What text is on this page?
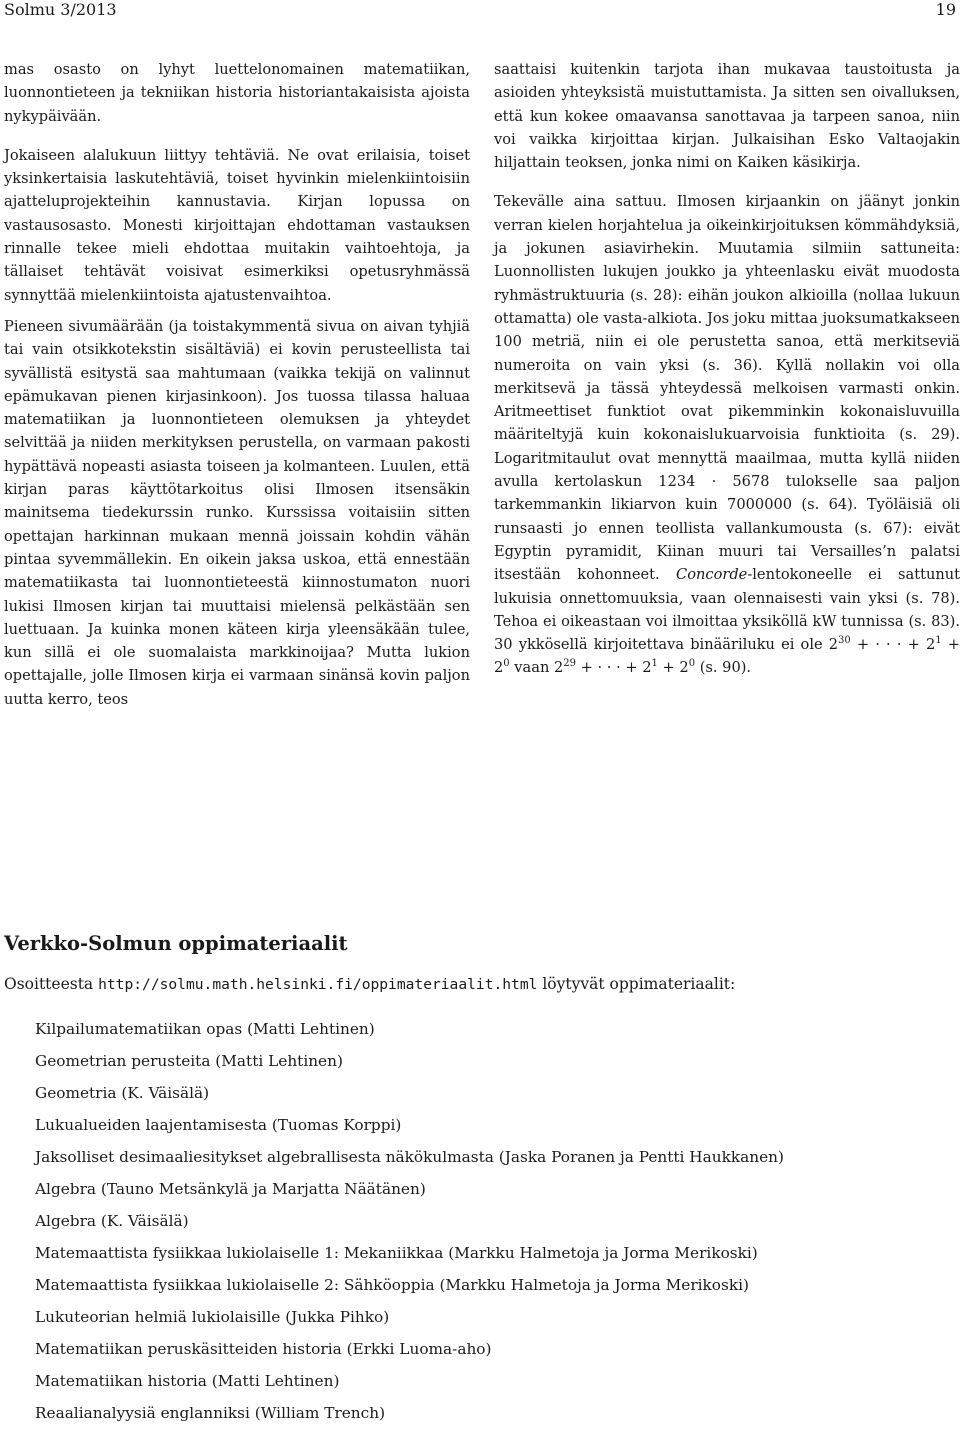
Solmu 3/2013	19

mas osasto on lyhyt luettelonomainen matematiikan, luonnontieteen ja tekniikan historia historiantakaisista ajoista nykypäivään.

Jokaiseen alalukuun liittyy tehtäviä. Ne ovat erilaisia, toiset yksinkertaisia laskutehtäviä, toiset hyvinkin mielenkiintoisiin ajatteluprojekteihin kannustavia. Kirjan lopussa on vastausosasto. Monesti kirjoittajan ehdottaman vastauksen rinnalle tekee mieli ehdottaa muitakin vaihtoehtoja, ja tällaiset tehtävät voisivat esimerkiksi opetusryhmässä synnyttää mielenkiintoista ajatustenvaihtoa.

Pieneen sivumäärään (ja toistakymmentä sivua on aivan tyhjiä tai vain otsikkotekstin sisältäviä) ei kovin perusteellista tai syvällistä esitystä saa mahtumaan (vaikka tekijä on valinnut epämukavan pienen kirjasinkoon). Jos tuossa tilassa haluaa matematiikan ja luonnontieteen olemuksen ja yhteydet selvittää ja niiden merkityksen perustella, on varmaan pakosti hypättävä nopeasti asiasta toiseen ja kolmanteen. Luulen, että kirjan paras käyttötarkoitus olisi Ilmosen itsensäkin mainitsema tiedekurssin runko. Kurssissa voitaisiin sitten opettajan harkinnan mukaan mennä joissain kohdin vähän pintaa syvemmällekin. En oikein jaksa uskoa, että ennestään matematiikasta tai luonnontieteestä kiinnostumaton nuori lukisi Ilmosen kirjan tai muuttaisi mielensä pelkästään sen luettuaan. Ja kuinka monen käteen kirja yleensäkään tulee, kun sillä ei ole suomalaista markkinoijaa? Mutta lukion opettajalle, jolle Ilmosen kirja ei varmaan sinänsä kovin paljon uutta kerro, teos

saattaisi kuitenkin tarjota ihan mukavaa taustoitusta ja asioiden yhteyksistä muistuttamista. Ja sitten sen oivalluksen, että kun kokee omaavansa sanottavaa ja tarpeen sanoa, niin voi vaikka kirjoittaa kirjan. Julkaisihan Esko Valtaojakin hiljattain teoksen, jonka nimi on Kaiken käsikirja.

Tekevälle aina sattuu. Ilmosen kirjaankin on jäänyt jonkin verran kielen horjahtelua ja oikeinkirjoituksen kömmähdyksiä, ja jokunen asiavirhekin. Muutamia silmiin sattuneita: Luonnollisten lukujen joukko ja yhteenlasku eivät muodosta ryhmästruktuuria (s. 28): eihän joukon alkioilla (nollaa lukuun ottamatta) ole vasta-alkiota. Jos joku mittaa juoksumatkakseen 100 metriä, niin ei ole perustetta sanoa, että merkitseviä numeroita on vain yksi (s. 36). Kyllä nollakin voi olla merkitsevä ja tässä yhteydessä melkoisen varmasti onkin. Aritmeettiset funktiot ovat pikemminkin kokonaisluvuilla määriteltyjä kuin kokonaislukuarvoisia funktioita (s. 29). Logaritmitaulut ovat mennyttä maailmaa, mutta kyllä niiden avulla kertolaskun 1234 · 5678 tulokselle saa paljon tarkemmankin likiarvon kuin 7000000 (s. 64). Työläisiä oli runsaasti jo ennen teollista vallankumousta (s. 67): eivät Egyptin pyramidit, Kiinan muuri tai Versailles’n palatsi itsestään kohonneet. Concorde-lentokoneelle ei sattunut lukuisia onnettomuuksia, vaan olennaisesti vain yksi (s. 78). Tehoa ei oikeastaan voi ilmoittaa yksiköllä kW tunnissa (s. 83). 30 ykkösellä kirjoitettava binääriluku ei ole $2^{30}$ + · · · + $2^1 + 2^0$ vaan $2^{29}$ + · · · + $2^1 + 2^0$ (s. 90).

Verkko-Solmun oppimateriaalit
Osoitteesta http://solmu.math.helsinki.fi/oppimateriaalit.html löytyvät oppimateriaalit:
Kilpailumatematiikan opas (Matti Lehtinen)
Geometrian perusteita (Matti Lehtinen)
Geometria (K. Väisälä)
Lukualueiden laajentamisesta (Tuomas Korppi)
Jaksolliset desimaaliesitykset algebrallisesta näkökulmasta (Jaska Poranen ja Pentti Haukkanen)
Algebra (Tauno Metsänkylä ja Marjatta Näätänen)
Algebra (K. Väisälä)
Matemaattista fysiikkaa lukiolaiselle 1: Mekaniikkaa (Markku Halmetoja ja Jorma Merikoski)
Matemaattista fysiikkaa lukiolaiselle 2: Sähköoppia (Markku Halmetoja ja Jorma Merikoski)
Lukuteorian helmiä lukiolaisille (Jukka Pihko)
Matematiikan peruskäsitteiden historia (Erkki Luoma-aho)
Matematiikan historia (Matti Lehtinen)
Reaalianalyysiä englanniksi (William Trench)
